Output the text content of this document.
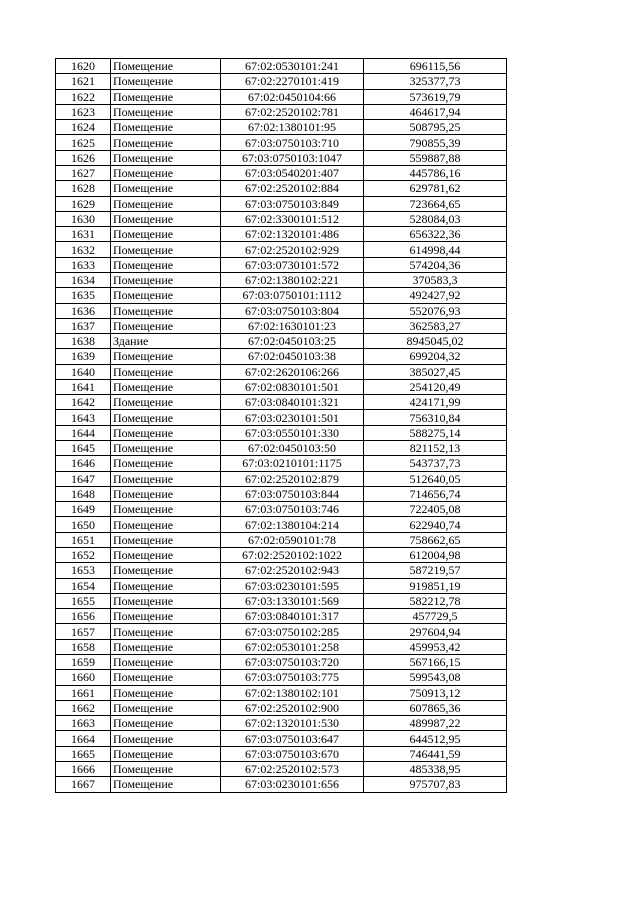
1620	Помещение	67:02:0530101:241	696115,56
1621	Помещение	67:02:2270101:419	325377,73
1622	Помещение	67:02:0450104:66	573619,79
1623	Помещение	67:02:2520102:781	464617,94
1624	Помещение	67:02:1380101:95	508795,25
1625	Помещение	67:03:0750103:710	790855,39
1626	Помещение	67:03:0750103:1047	559887,88
1627	Помещение	67:03:0540201:407	445786,16
1628	Помещение	67:02:2520102:884	629781,62
1629	Помещение	67:03:0750103:849	723664,65
1630	Помещение	67:02:3300101:512	528084,03
1631	Помещение	67:02:1320101:486	656322,36
1632	Помещение	67:02:2520102:929	614998,44
1633	Помещение	67:03:0730101:572	574204,36
1634	Помещение	67:02:1380102:221	370583,3
1635	Помещение	67:03:0750101:1112	492427,92
1636	Помещение	67:03:0750103:804	552076,93
1637	Помещение	67:02:1630101:23	362583,27
1638	Здание	67:02:0450103:25	8945045,02
1639	Помещение	67:02:0450103:38	699204,32
1640	Помещение	67:02:2620106:266	385027,45
1641	Помещение	67:02:0830101:501	254120,49
1642	Помещение	67:03:0840101:321	424171,99
1643	Помещение	67:03:0230101:501	756310,84
1644	Помещение	67:03:0550101:330	588275,14
1645	Помещение	67:02:0450103:50	821152,13
1646	Помещение	67:03:0210101:1175	543737,73
1647	Помещение	67:02:2520102:879	512640,05
1648	Помещение	67:03:0750103:844	714656,74
1649	Помещение	67:03:0750103:746	722405,08
1650	Помещение	67:02:1380104:214	622940,74
1651	Помещение	67:02:0590101:78	758662,65
1652	Помещение	67:02:2520102:1022	612004,98
1653	Помещение	67:02:2520102:943	587219,57
1654	Помещение	67:03:0230101:595	919851,19
1655	Помещение	67:03:1330101:569	582212,78
1656	Помещение	67:03:0840101:317	457729,5
1657	Помещение	67:03:0750102:285	297604,94
1658	Помещение	67:02:0530101:258	459953,42
1659	Помещение	67:03:0750103:720	567166,15
1660	Помещение	67:03:0750103:775	599543,08
1661	Помещение	67:02:1380102:101	750913,12
1662	Помещение	67:02:2520102:900	607865,36
1663	Помещение	67:02:1320101:530	489987,22
1664	Помещение	67:03:0750103:647	644512,95
1665	Помещение	67:03:0750103:670	746441,59
1666	Помещение	67:02:2520102:573	485338,95
1667	Помещение	67:03:0230101:656	975707,83
